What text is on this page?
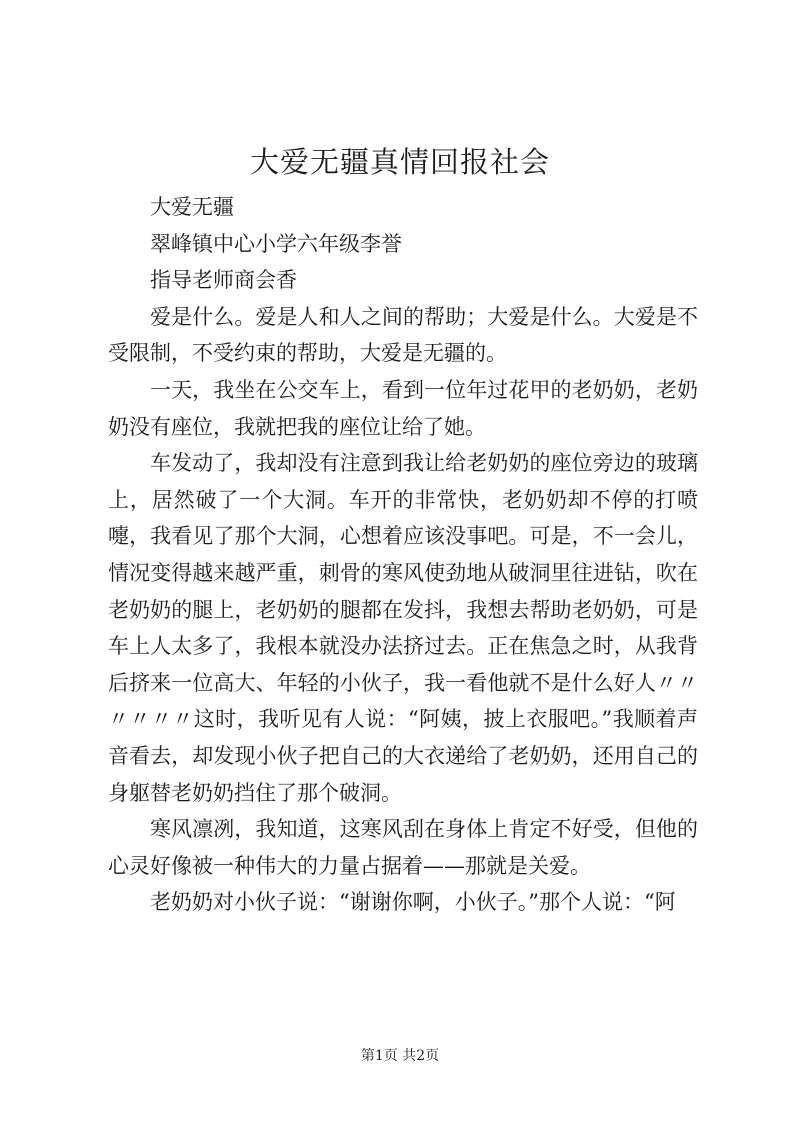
大爱无疆真情回报社会

大爱无疆

翠峰镇中心小学六年级李誉

指导老师商会香

爱是什么。爱是人和人之间的帮助；大爱是什么。大爱是不受限制，不受约束的帮助，大爱是无疆的。

一天，我坐在公交车上，看到一位年过花甲的老奶奶，老奶奶没有座位，我就把我的座位让给了她。

车发动了，我却没有注意到我让给老奶奶的座位旁边的玻璃上，居然破了一个大洞。车开的非常快，老奶奶却不停的打喷嚏，我看见了那个大洞，心想着应该没事吧。可是，不一会儿，情况变得越来越严重，刺骨的寒风使劲地从破洞里往进钻，吹在老奶奶的腿上，老奶奶的腿都在发抖，我想去帮助老奶奶，可是车上人太多了，我根本就没办法挤过去。正在焦急之时，从我背后挤来一位高大、年轻的小伙子，我一看他就不是什么好人〃〃〃〃〃〃这时，我听见有人说：“阿姨，披上衣服吧。”我顺着声音看去，却发现小伙子把自己的大衣递给了老奶奶，还用自己的身躯替老奶奶挡住了那个破洞。

寒风凛冽，我知道，这寒风刮在身体上肯定不好受，但他的心灵好像被一种伟大的力量占据着——那就是关爱。

老奶奶对小伙子说：“谢谢你啊，小伙子。”那个人说：“阿

第1页 共2页
